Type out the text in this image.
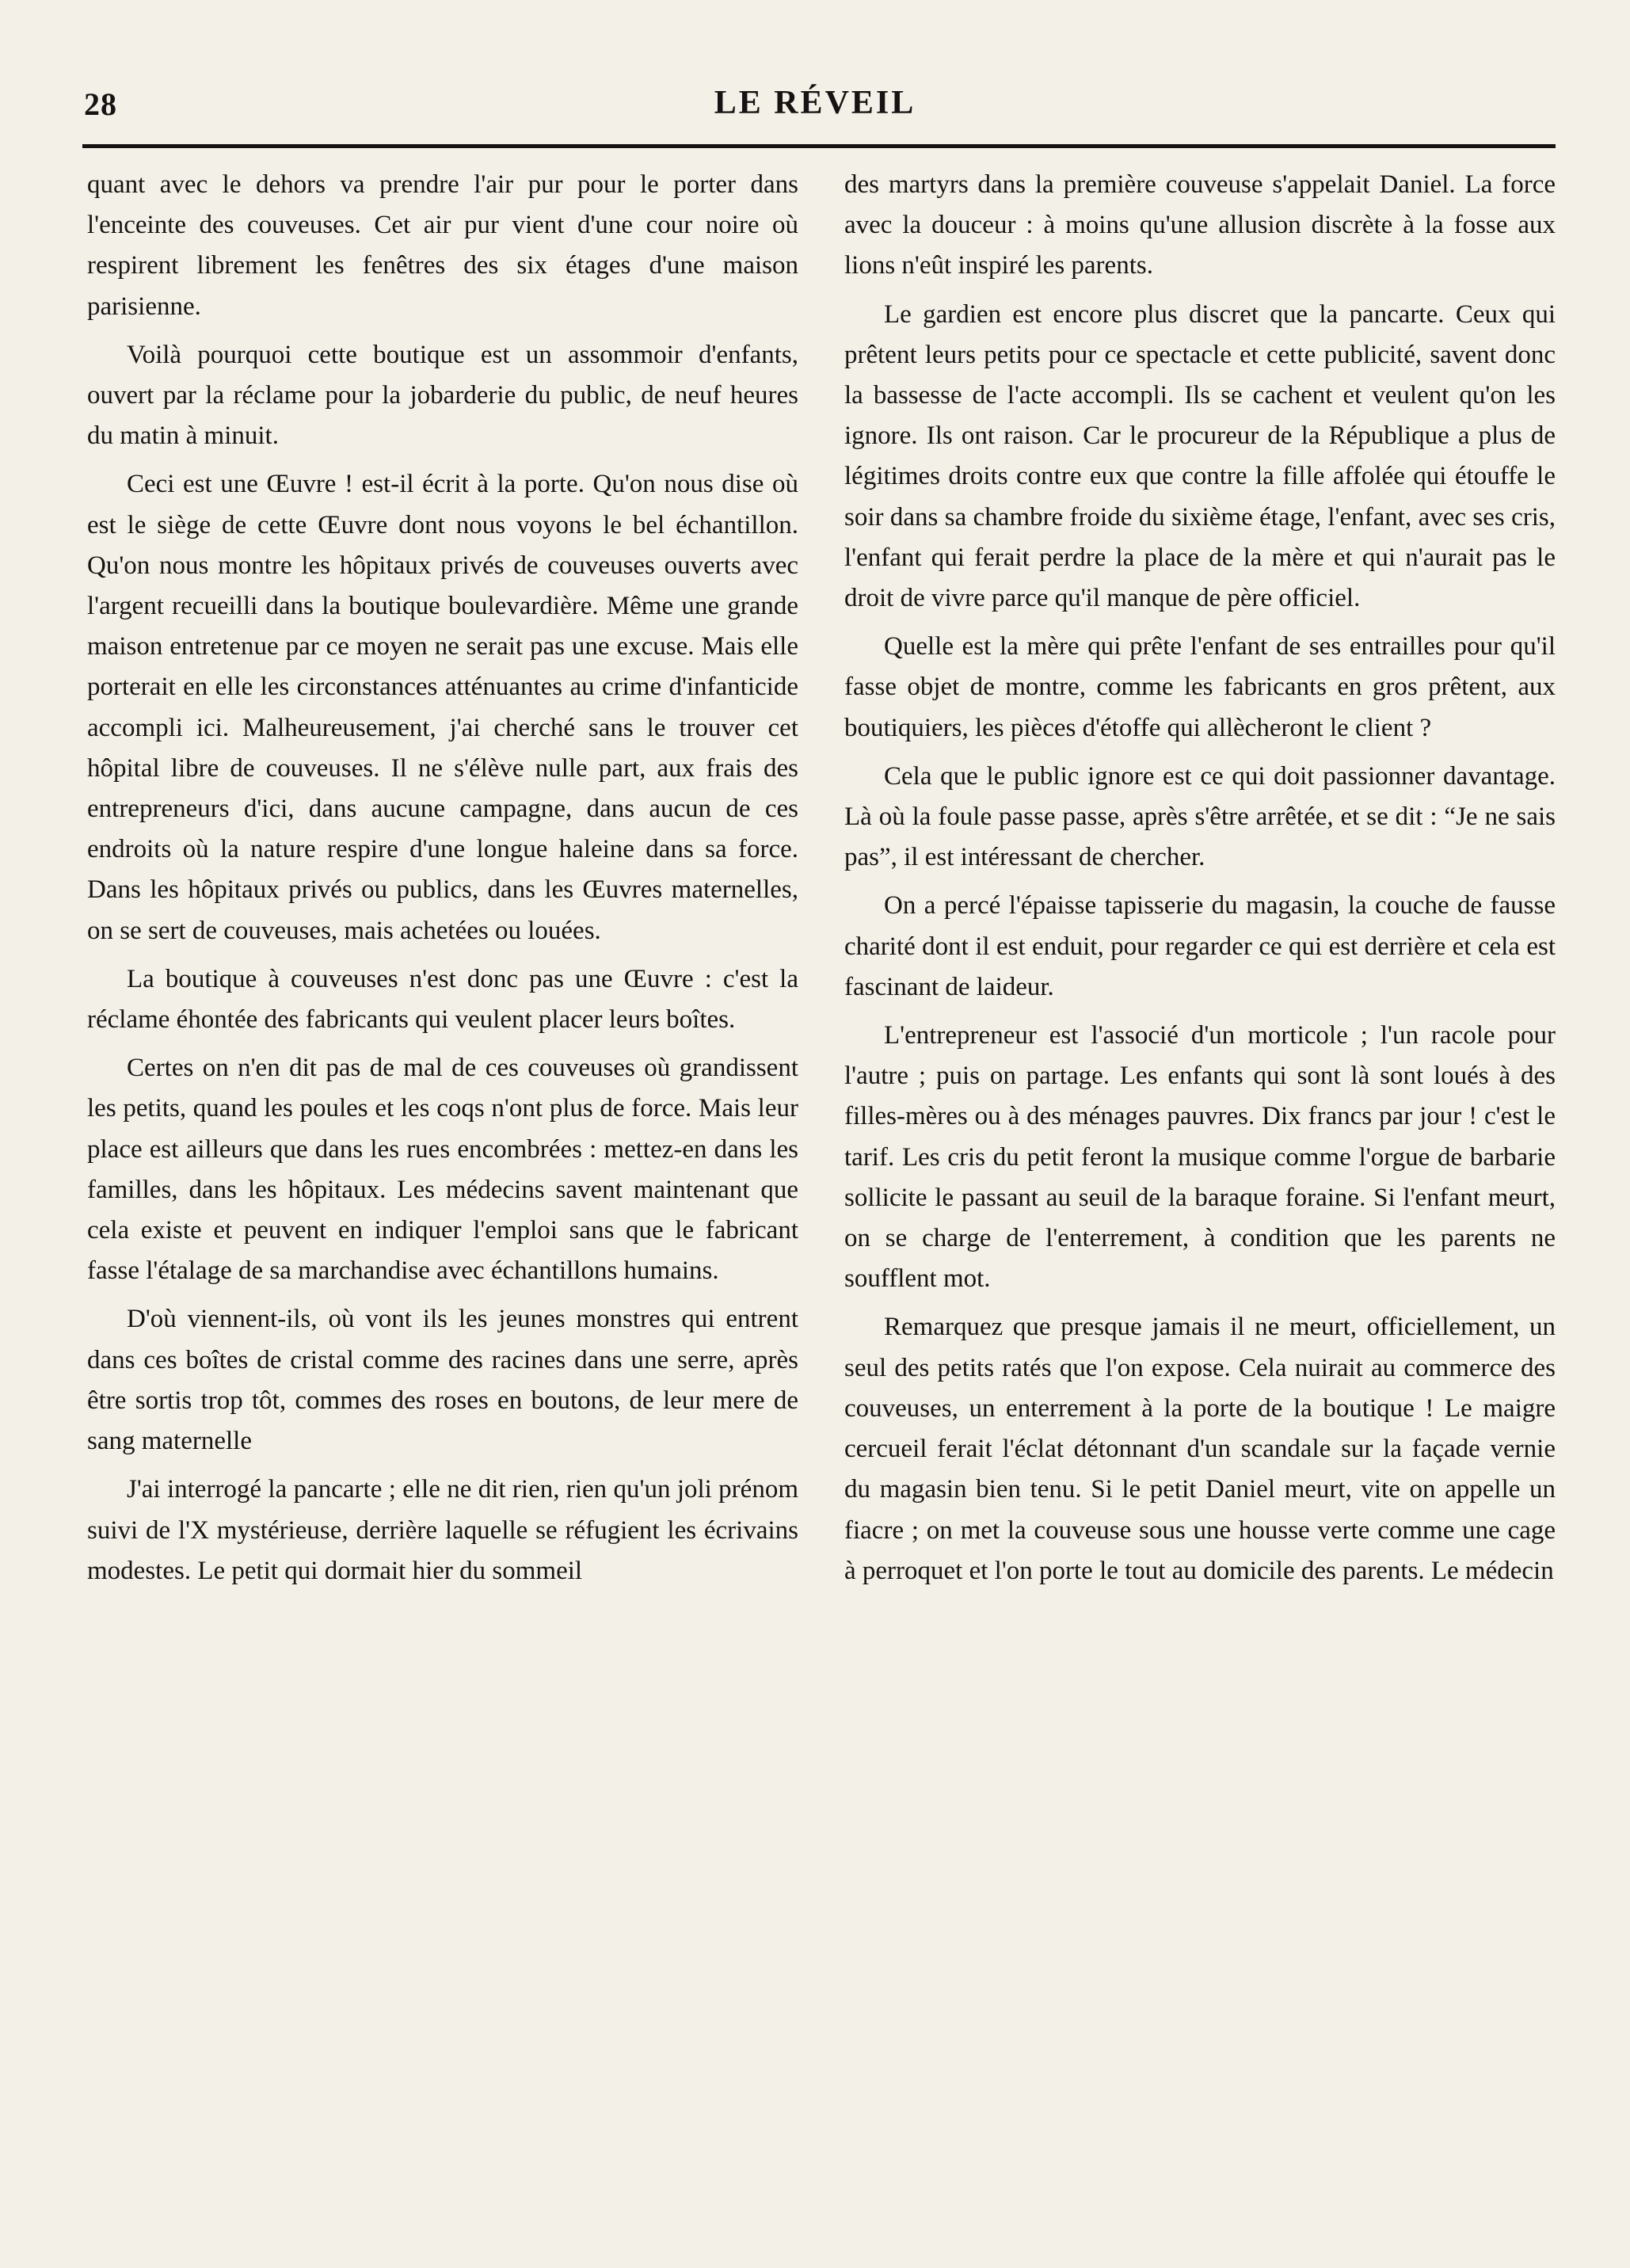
28	LE RÉVEIL

quant avec le dehors va prendre l'air pur pour le porter dans l'enceinte des couveuses. Cet air pur vient d'une cour noire où respirent librement les fenêtres des six étages d'une maison parisienne.

Voilà pourquoi cette boutique est un assommoir d'enfants, ouvert par la réclame pour la jobarderie du public, de neuf heures du matin à minuit.

Ceci est une Œuvre ! est-il écrit à la porte. Qu'on nous dise où est le siège de cette Œuvre dont nous voyons le bel échantillon. Qu'on nous montre les hôpitaux privés de couveuses ouverts avec l'argent recueilli dans la boutique boulevardière. Même une grande maison entretenue par ce moyen ne serait pas une excuse. Mais elle porterait en elle les circonstances atténuantes au crime d'infanticide accompli ici. Malheureusement, j'ai cherché sans le trouver cet hôpital libre de couveuses. Il ne s'élève nulle part, aux frais des entrepreneurs d'ici, dans aucune campagne, dans aucun de ces endroits où la nature respire d'une longue haleine dans sa force. Dans les hôpitaux privés ou publics, dans les Œuvres maternelles, on se sert de couveuses, mais achetées ou louées.

La boutique à couveuses n'est donc pas une Œuvre : c'est la réclame éhontée des fabricants qui veulent placer leurs boîtes.

Certes on n'en dit pas de mal de ces couveuses où grandissent les petits, quand les poules et les coqs n'ont plus de force. Mais leur place est ailleurs que dans les rues encombrées : mettez-en dans les familles, dans les hôpitaux. Les médecins savent maintenant que cela existe et peuvent en indiquer l'emploi sans que le fabricant fasse l'étalage de sa marchandise avec échantillons humains.

D'où viennent-ils, où vont ils les jeunes monstres qui entrent dans ces boîtes de cristal comme des racines dans une serre, après être sortis trop tôt, commes des roses en boutons, de leur mere de sang maternelle

J'ai interrogé la pancarte ; elle ne dit rien, rien qu'un joli prénom suivi de l'X mystérieuse, derrière laquelle se réfugient les écrivains modestes. Le petit qui dormait hier du sommeil

des martyrs dans la première couveuse s'appelait Daniel. La force avec la douceur : à moins qu'une allusion discrète à la fosse aux lions n'eût inspiré les parents.

Le gardien est encore plus discret que la pancarte. Ceux qui prêtent leurs petits pour ce spectacle et cette publicité, savent donc la bassesse de l'acte accompli. Ils se cachent et veulent qu'on les ignore. Ils ont raison. Car le procureur de la République a plus de légitimes droits contre eux que contre la fille affolée qui étouffe le soir dans sa chambre froide du sixième étage, l'enfant, avec ses cris, l'enfant qui ferait perdre la place de la mère et qui n'aurait pas le droit de vivre parce qu'il manque de père officiel.

Quelle est la mère qui prête l'enfant de ses entrailles pour qu'il fasse objet de montre, comme les fabricants en gros prêtent, aux boutiquiers, les pièces d'étoffe qui allècheront le client ?

Cela que le public ignore est ce qui doit passionner davantage. Là où la foule passe passe, après s'être arrêtée, et se dit : “Je ne sais pas”, il est intéressant de chercher.

On a percé l'épaisse tapisserie du magasin, la couche de fausse charité dont il est enduit, pour regarder ce qui est derrière et cela est fascinant de laideur.

L'entrepreneur est l'associé d'un morticole ; l'un racole pour l'autre ; puis on partage. Les enfants qui sont là sont loués à des filles-mères ou à des ménages pauvres. Dix francs par jour ! c'est le tarif. Les cris du petit feront la musique comme l'orgue de barbarie sollicite le passant au seuil de la baraque foraine. Si l'enfant meurt, on se charge de l'enterrement, à condition que les parents ne soufflent mot.

Remarquez que presque jamais il ne meurt, officiellement, un seul des petits ratés que l'on expose. Cela nuirait au commerce des couveuses, un enterrement à la porte de la boutique ! Le maigre cercueil ferait l'éclat détonnant d'un scandale sur la façade vernie du magasin bien tenu. Si le petit Daniel meurt, vite on appelle un fiacre ; on met la couveuse sous une housse verte comme une cage à perroquet et l'on porte le tout au domicile des parents. Le médecin
